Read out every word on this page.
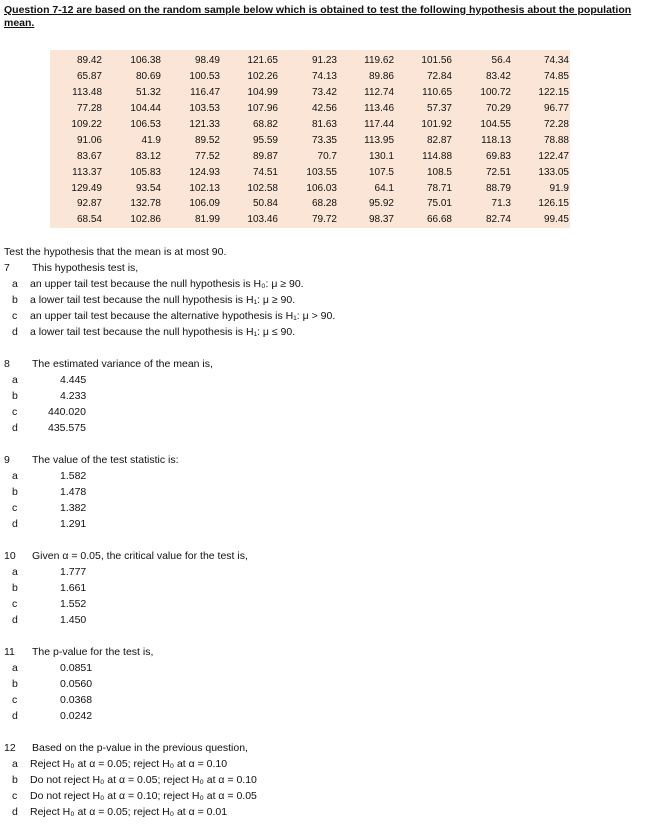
Question 7-12 are based on the random sample below which is obtained to test the following hypothesis about the population mean.
89.42	106.38	98.49	121.65	91.23	119.62	101.56	56.4	74.34
65.87	80.69	100.53	102.26	74.13	89.86	72.84	83.42	74.85
113.48	51.32	116.47	104.99	73.42	112.74	110.65	100.72	122.15
77.28	104.44	103.53	107.96	42.56	113.46	57.37	70.29	96.77
109.22	106.53	121.33	68.82	81.63	117.44	101.92	104.55	72.28
91.06	41.9	89.52	95.59	73.35	113.95	82.87	118.13	78.88
83.67	83.12	77.52	89.87	70.7	130.1	114.88	69.83	122.47
113.37	105.83	124.93	74.51	103.55	107.5	108.5	72.51	133.05
129.49	93.54	102.13	102.58	106.03	64.1	78.71	88.79	91.9
92.87	132.78	106.09	50.84	68.28	95.92	75.01	71.3	126.15
68.54	102.86	81.99	103.46	79.72	98.37	66.68	82.74	99.45
Test the hypothesis that the mean is at most 90.
7 This hypothesis test is,
a an upper tail test because the null hypothesis is H₀: μ ≥ 90.
b a lower tail test because the null hypothesis is H₁: μ ≥ 90.
c an upper tail test because the alternative hypothesis is H₁: μ > 90.
d a lower tail test because the null hypothesis is H₁: μ ≤ 90.
8 The estimated variance of the mean is,
a	4.445
b	4.233
c	440.020
d	435.575
9 The value of the test statistic is:
a	1.582
b	1.478
c	1.382
d	1.291
10 Given α = 0.05, the critical value for the test is,
a	1.777
b	1.661
c	1.552
d	1.450
11 The p-value for the test is,
a	0.0851
b	0.0560
c	0.0368
d	0.0242
12 Based on the p-value in the previous question,
a Reject H₀ at α = 0.05; reject H₀ at α = 0.10
b Do not reject H₀ at α = 0.05; reject H₀ at α = 0.10
c Do not reject H₀ at α = 0.10; reject H₀ at α = 0.05
d Reject H₀ at α = 0.05; reject H₀ at α = 0.01
